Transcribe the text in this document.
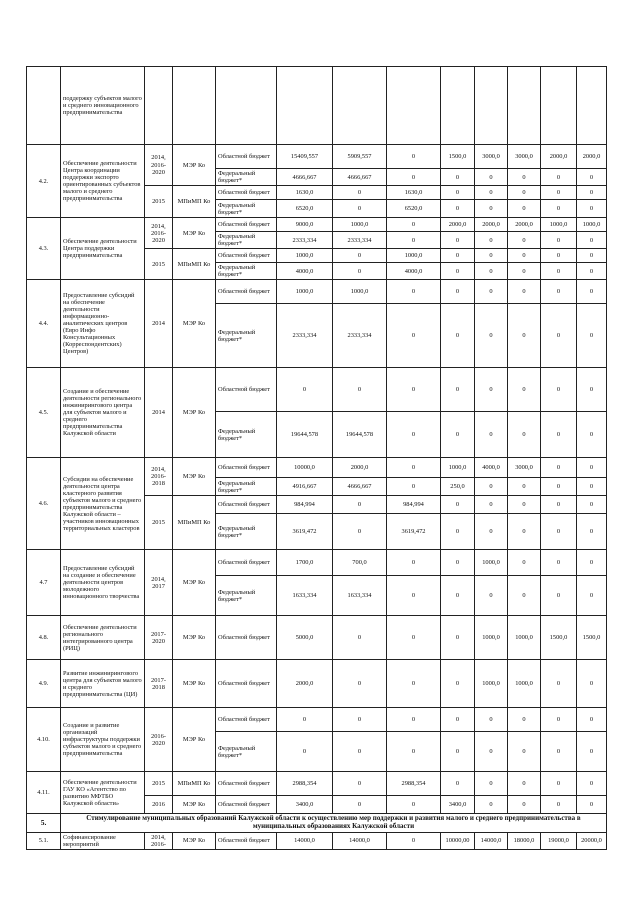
	поддержку субъектов малого и среднего инновационного предпринимательства											
4.2.	Обеспечение деятельности Центра координации поддержки экспорто ориентированных субъектов малого и среднего предпринимательства	2014, 2016-2020	МЭР Ко	Областной бюджет	15409,557	5909,557	0	1500,0	3000,0	3000,0	2000,0	2000,0
				Федеральный бюджет*	4666,667	4666,667	0	0	0	0	0	0
		2015	МПиМП Ко	Областной бюджет	1630,0	0	1630,0	0	0	0	0	0
				Федеральный бюджет*	6520,0	0	6520,0	0	0	0	0	0
4.3.	Обеспечение деятельности Центра поддержки предпринимательства	2014, 2016-2020	МЭР Ко	Областной бюджет	9000,0	1000,0	0	2000,0	2000,0	2000,0	1000,0	1000,0
				Федеральный бюджет*	2333,334	2333,334	0	0	0	0	0	0
		2015	МПиМП Ко	Областной бюджет	1000,0	0	1000,0	0	0	0	0	0
				Федеральный бюджет*	4000,0	0	4000,0	0	0	0	0	0
4.4.	Предоставление субсидий на обеспечение деятельности информационно-аналитических центров (Евро Инфо Консультационных (Корреспондентских) Центров)	2014	МЭР Ко	Областной бюджет	1000,0	1000,0	0	0	0	0	0	0
				Федеральный бюджет*	2333,334	2333,334	0	0	0	0	0	0
4.5.	Создание и обеспечение деятельности регионального инжинирингового центра для субъектов малого и среднего предпринимательства Калужской области	2014	МЭР Ко	Областной бюджет	0	0	0	0	0	0	0	0
				Федеральный бюджет*	19644,578	19644,578	0	0	0	0	0	0
4.6.	Субсидии на обеспечение деятельности центра кластерного развития субъектов малого и среднего предпринимательства Калужской области – участников инновационных территориальных кластеров	2014, 2016-2018	МЭР Ко	Областной бюджет	10000,0	2000,0	0	1000,0	4000,0	3000,0	0	0
				Федеральный бюджет*	4916,667	4666,667	0	250,0	0	0	0	0
		2015	МПиМП Ко	Областной бюджет	984,994	0	984,994	0	0	0	0	0
				Федеральный бюджет*	3619,472	0	3619,472	0	0	0	0	0
4.7	Предоставление субсидий на создание и обеспечение деятельности центров молодежного инновационного творчества	2014, 2017	МЭР Ко	Областной бюджет	1700,0	700,0	0	0	1000,0	0	0	0
				Федеральный бюджет*	1633,334	1633,334	0	0	0	0	0	0
4.8.	Обеспечение деятельности регионального интегрированного центра (РИЦ)	2017-2020	МЭР Ко	Областной бюджет	5000,0	0	0	0	1000,0	1000,0	1500,0	1500,0
4.9.	Развитие инжинирингового центра для субъектов малого и среднего предпринимательства (ЦИ)	2017-2018	МЭР Ко	Областной бюджет	2000,0	0	0	0	1000,0	1000,0	0	0
4.10.	Создание и развитие организаций инфраструктуры поддержки субъектов малого и среднего предпринимательства	2016-2020	МЭР Ко	Областной бюджет	0	0	0	0	0	0	0	0
				Федеральный бюджет*	0	0	0	0	0	0	0	0
4.11.	Обеспечение деятельности ГАУ КО «Агентство по развитию МФТБО Калужской области»	2015	МПиМП Ко	Областной бюджет	2988,354	0	2988,354	0	0	0	0	0
		2016	МЭР Ко	Областной бюджет	3400,0	0	0	3400,0	0	0	0	0
5.	Стимулирование муниципальных образований Калужской области к осуществлению мер поддержки и развития малого и среднего предпринимательства в муниципальных образованиях Калужской области											
5.1.	Софинансирование мероприятий	2014, 2016-	МЭР Ко	Областной бюджет	14000,0	14000,0	0	10000,00	14000,0	18000,0	19000,0	20000,0
